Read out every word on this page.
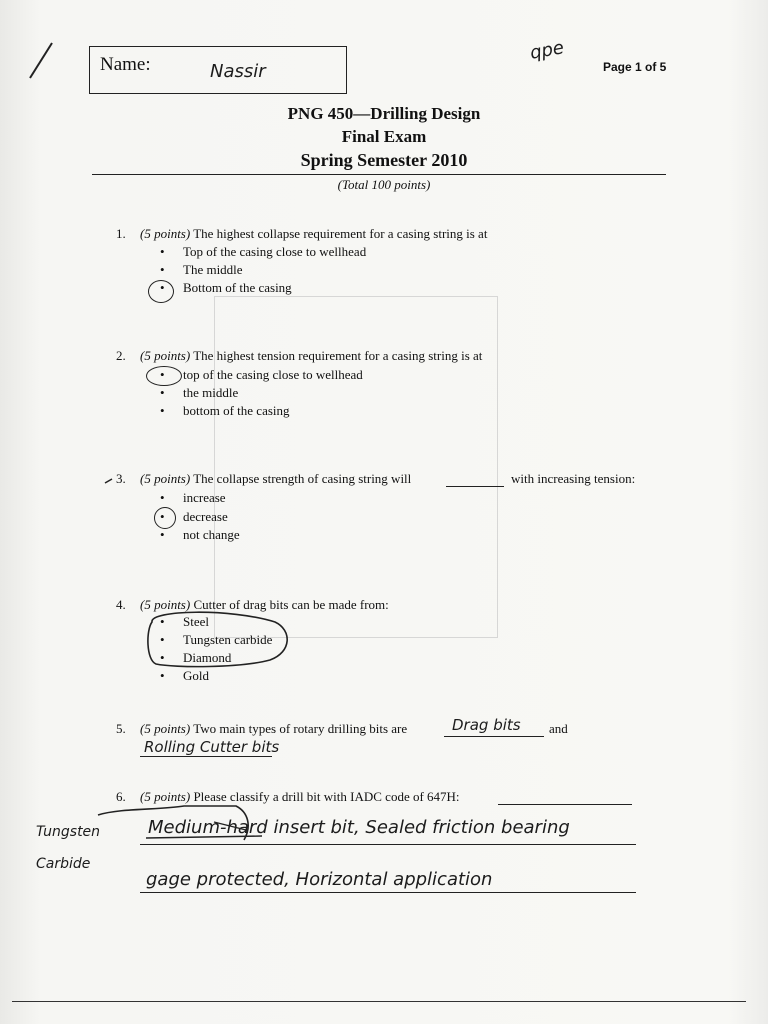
Name:	Nassir
qpe
Page 1 of 5
PNG 450—Drilling Design
Final Exam
Spring Semester 2010
(Total 100 points)
1. (5 points) The highest collapse requirement for a casing string is at
• Top of the casing close to wellhead
• The middle
• Bottom of the casing
2. (5 points) The highest tension requirement for a casing string is at
• top of the casing close to wellhead
• the middle
• bottom of the casing
3. (5 points) The collapse strength of casing string will	with increasing tension:
• increase
• decrease
• not change
4. (5 points) Cutter of drag bits can be made from:
• Steel
• Tungsten carbide
• Diamond
• Gold
5. (5 points) Two main types of rotary drilling bits are	Drag bits and
Rolling Cutter bits
6. (5 points) Please classify a drill bit with IADC code of 647H:
Medium-hard insert bit, Sealed friction bearing
gage protected, Horizontal application
Tungsten
Carbide
